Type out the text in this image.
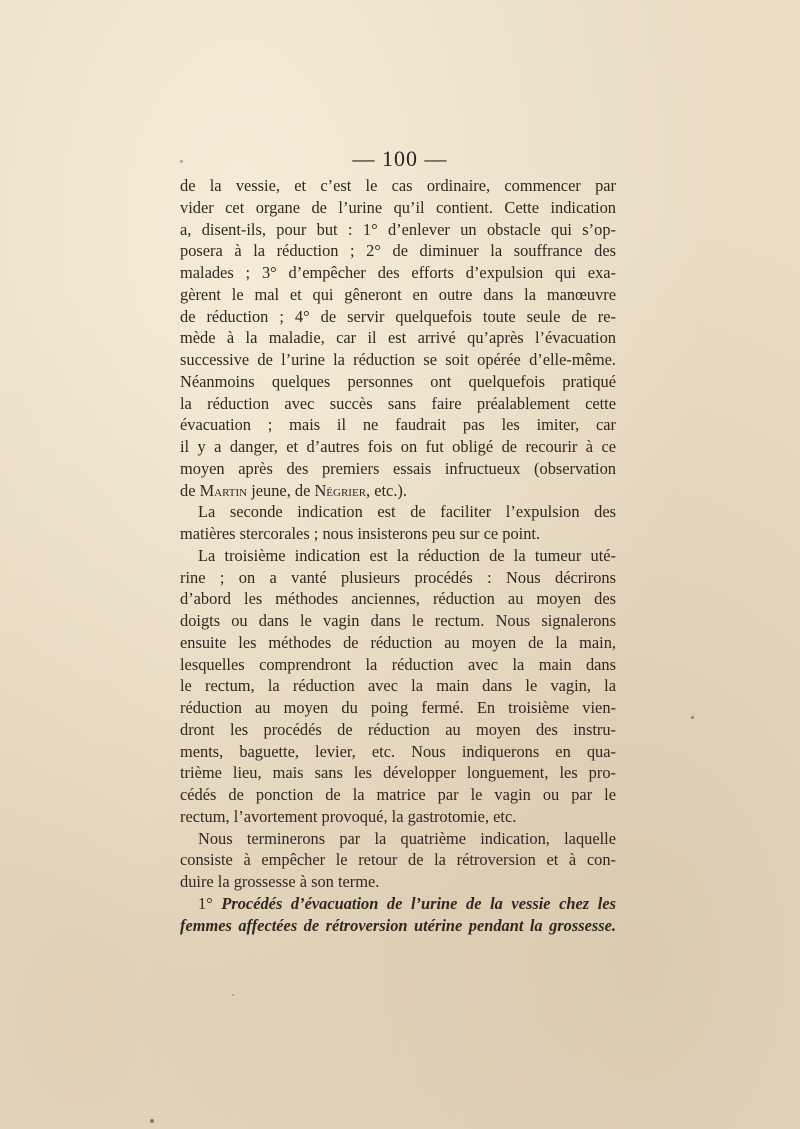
— 100 —
de la vessie, et c’est le cas ordinaire, commencer par
vider cet organe de l’urine qu’il contient. Cette indication
a, disent-ils, pour but : 1° d’enlever un obstacle qui s’op-
posera à la réduction ; 2° de diminuer la souffrance des
malades ; 3° d’empêcher des efforts d’expulsion qui exa-
gèrent le mal et qui gêneront en outre dans la manœuvre
de réduction ; 4° de servir quelquefois toute seule de re-
mède à la maladie, car il est arrivé qu’après l’évacuation
successive de l’urine la réduction se soit opérée d’elle-même.
Néanmoins quelques personnes ont quelquefois pratiqué
la réduction avec succès sans faire préalablement cette
évacuation ; mais il ne faudrait pas les imiter, car
il y a danger, et d’autres fois on fut obligé de recourir à ce
moyen après des premiers essais infructueux (observation
de Martin jeune, de Négrier, etc.).
La seconde indication est de faciliter l’expulsion des
matières stercorales ; nous insisterons peu sur ce point.
La troisième indication est la réduction de la tumeur uté-
rine ; on a vanté plusieurs procédés : Nous décrirons
d’abord les méthodes anciennes, réduction au moyen des
doigts ou dans le vagin dans le rectum. Nous signalerons
ensuite les méthodes de réduction au moyen de la main,
lesquelles comprendront la réduction avec la main dans
le rectum, la réduction avec la main dans le vagin, la
réduction au moyen du poing fermé. En troisième vien-
dront les procédés de réduction au moyen des instru-
ments, baguette, levier, etc. Nous indiquerons en qua-
trième lieu, mais sans les développer longuement, les pro-
cédés de ponction de la matrice par le vagin ou par le
rectum, l’avortement provoqué, la gastrotomie, etc.
Nous terminerons par la quatrième indication, laquelle
consiste à empêcher le retour de la rétroversion et à con-
duire la grossesse à son terme.
1° Procédés d’évacuation de l’urine de la vessie chez les
femmes affectées de rétroversion utérine pendant la grossesse.
